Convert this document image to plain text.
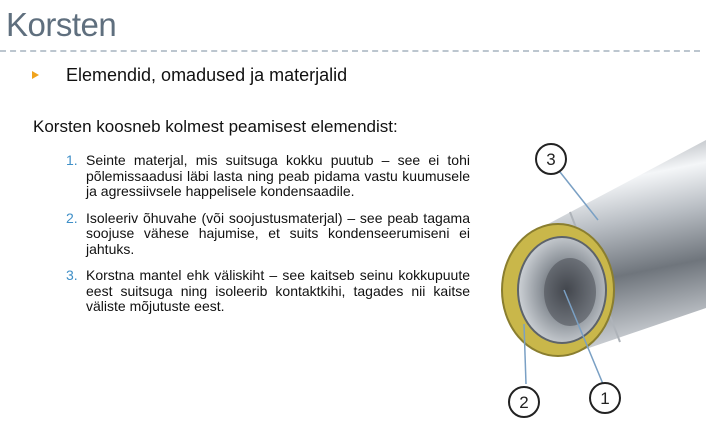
Korsten
Elemendid, omadused ja materjalid
Korsten koosneb kolmest peamisest elemendist:
1. Seinte materjal, mis suitsuga kokku puutub – see ei tohi põlemissaadusi läbi lasta ning peab pidama vastu kuumusele ja agressiivsele happelisele kondensaadile.
2. Isoleeriv õhuvahe (või soojustusmaterjal) – see peab tagama soojuse vähese hajumise, et suits kondenseerumiseni ei jahtuks.
3. Korstna mantel ehk väliskiht – see kaitseb seinu kokkupuute eest suitsuga ning isoleerib kontaktkihi, tagades nii kaitse väliste mõjutuste eest.
3
2	1
